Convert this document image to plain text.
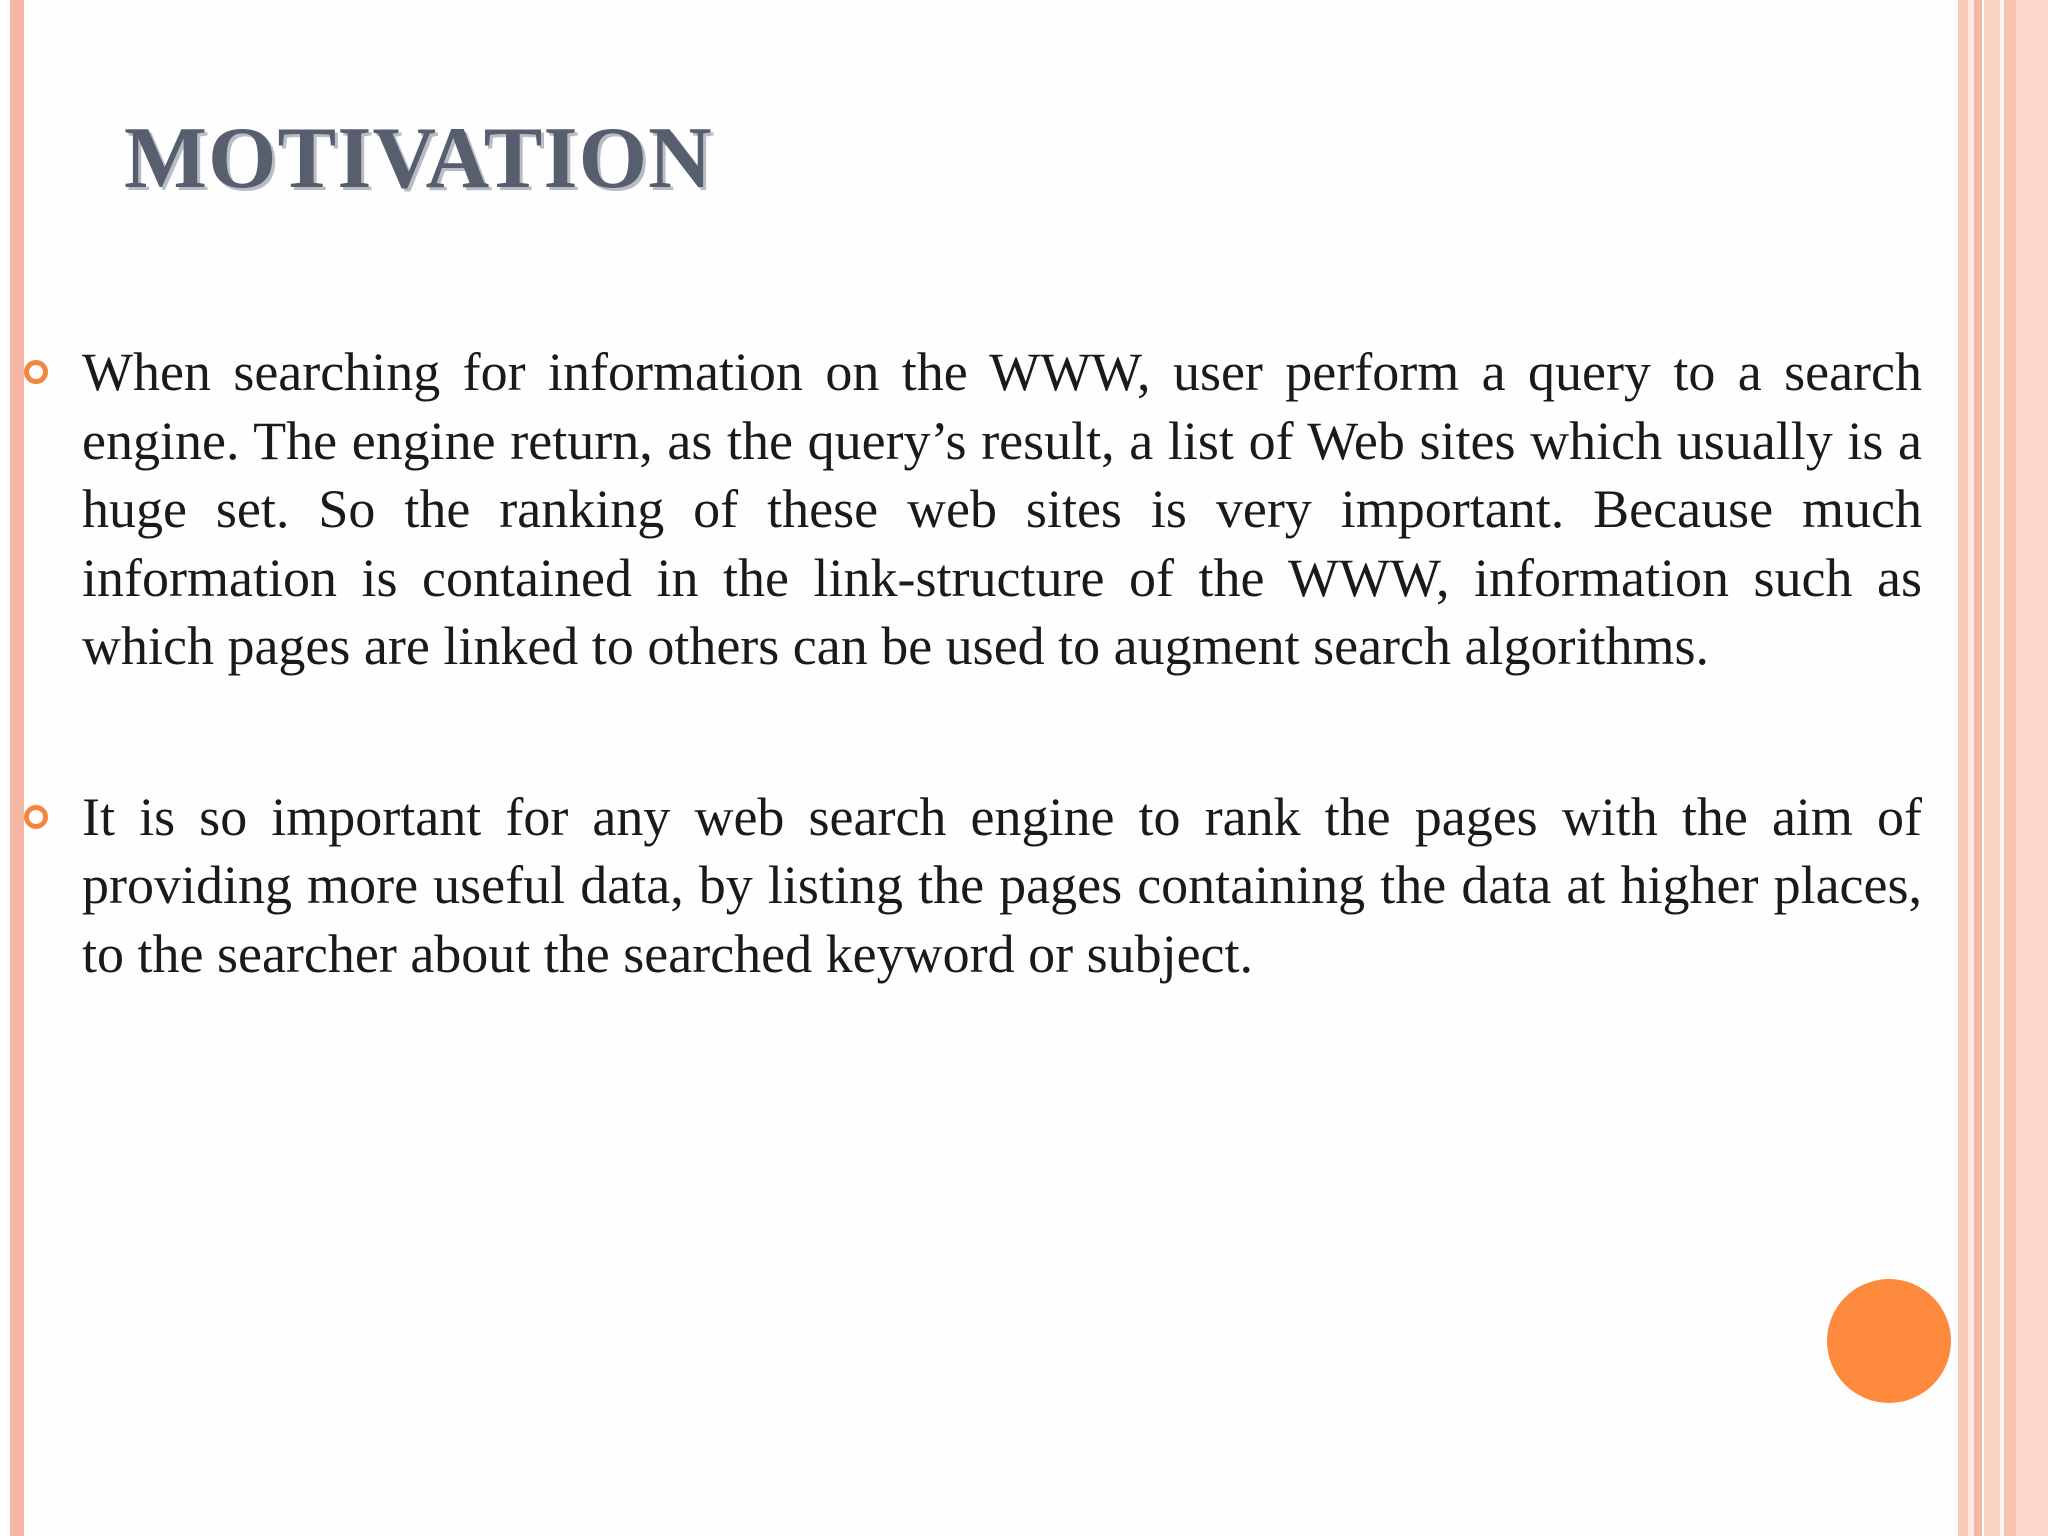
MOTIVATION
When searching for information on the WWW, user perform a query to a search engine. The engine return, as the query’s result, a list of Web sites which usually is a huge set. So the ranking of these web sites is very important. Because much information is contained in the link-structure of the WWW, information such as which pages are linked to others can be used to augment search algorithms.
It is so important for any web search engine to rank the pages with the aim of providing more useful data, by listing the pages containing the data at higher places, to the searcher about the searched keyword or subject.
